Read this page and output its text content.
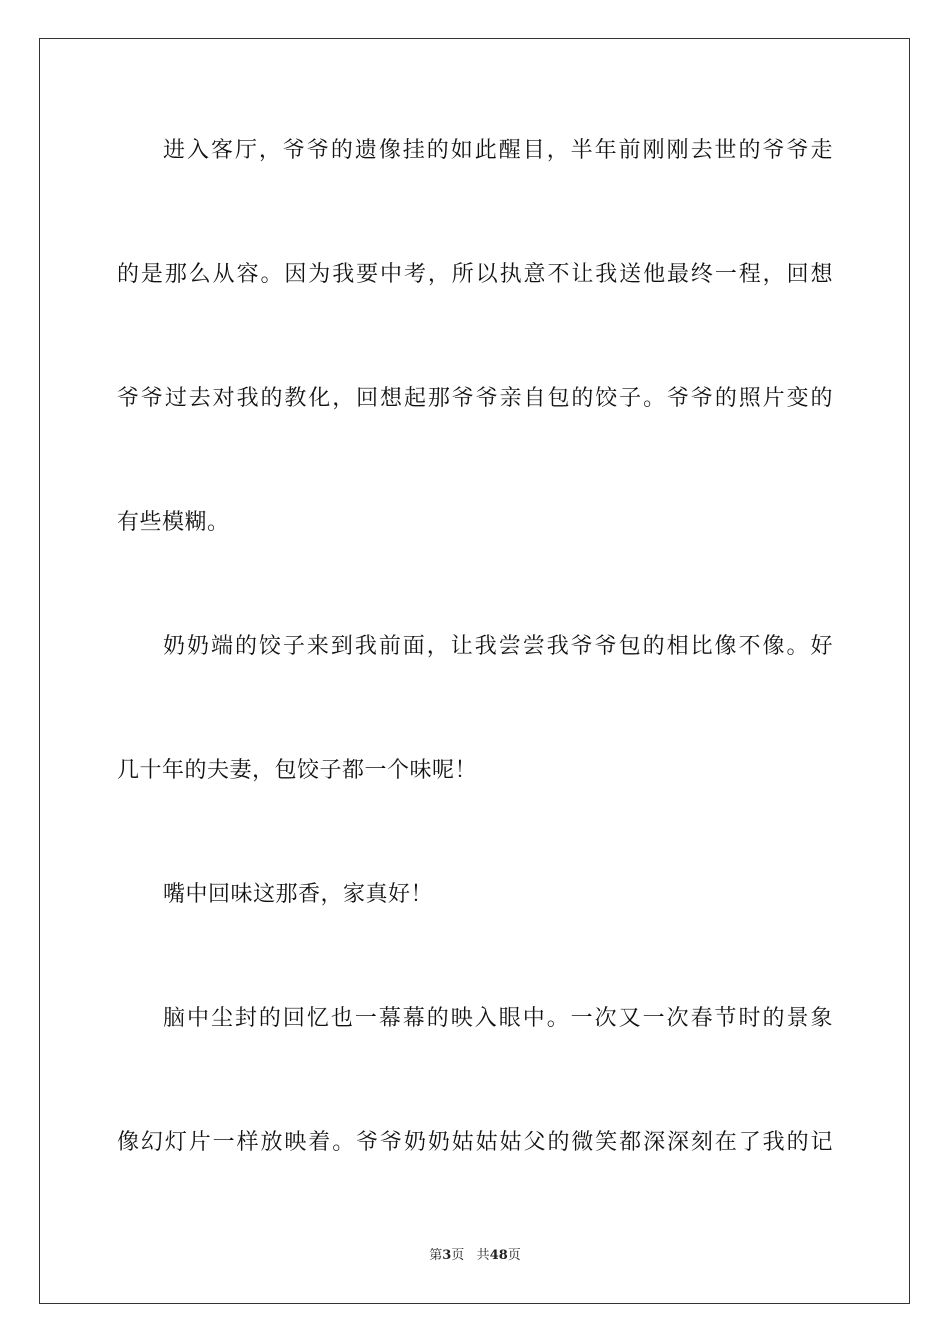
进入客厅，爷爷的遗像挂的如此醒目，半年前刚刚去世的爷爷走
的是那么从容。因为我要中考，所以执意不让我送他最终一程，回想
爷爷过去对我的教化，回想起那爷爷亲自包的饺子。爷爷的照片变的
有些模糊。
奶奶端的饺子来到我前面，让我尝尝我爷爷包的相比像不像。好
几十年的夫妻，包饺子都一个味呢！
嘴中回味这那香，家真好！
脑中尘封的回忆也一幕幕的映入眼中。一次又一次春节时的景象
像幻灯片一样放映着。爷爷奶奶姑姑姑父的微笑都深深刻在了我的记
第3页 共48页
